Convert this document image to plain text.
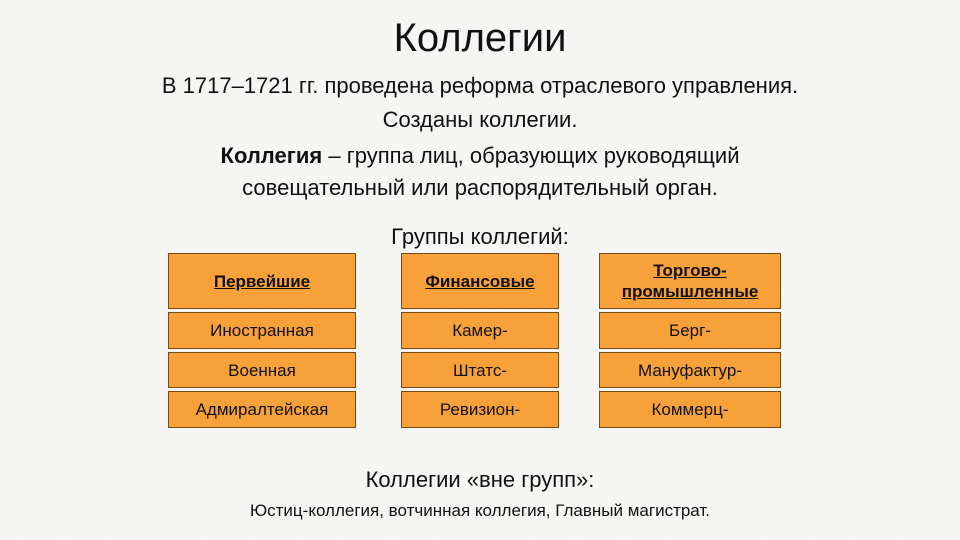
Коллегии
В 1717–1721 гг. проведена реформа отраслевого управления.
Созданы коллегии.
Коллегия – группа лиц, образующих руководящий
совещательный или распорядительный орган.
Группы коллегий:
Первейшие
Иностранная
Военная
Адмиралтейская
Финансовые
Камер-
Штатс-
Ревизион-
Торгово-
промышленные
Берг-
Мануфактур-
Коммерц-
Коллегии «вне групп»:
Юстиц-коллегия, вотчинная коллегия, Главный магистрат.
